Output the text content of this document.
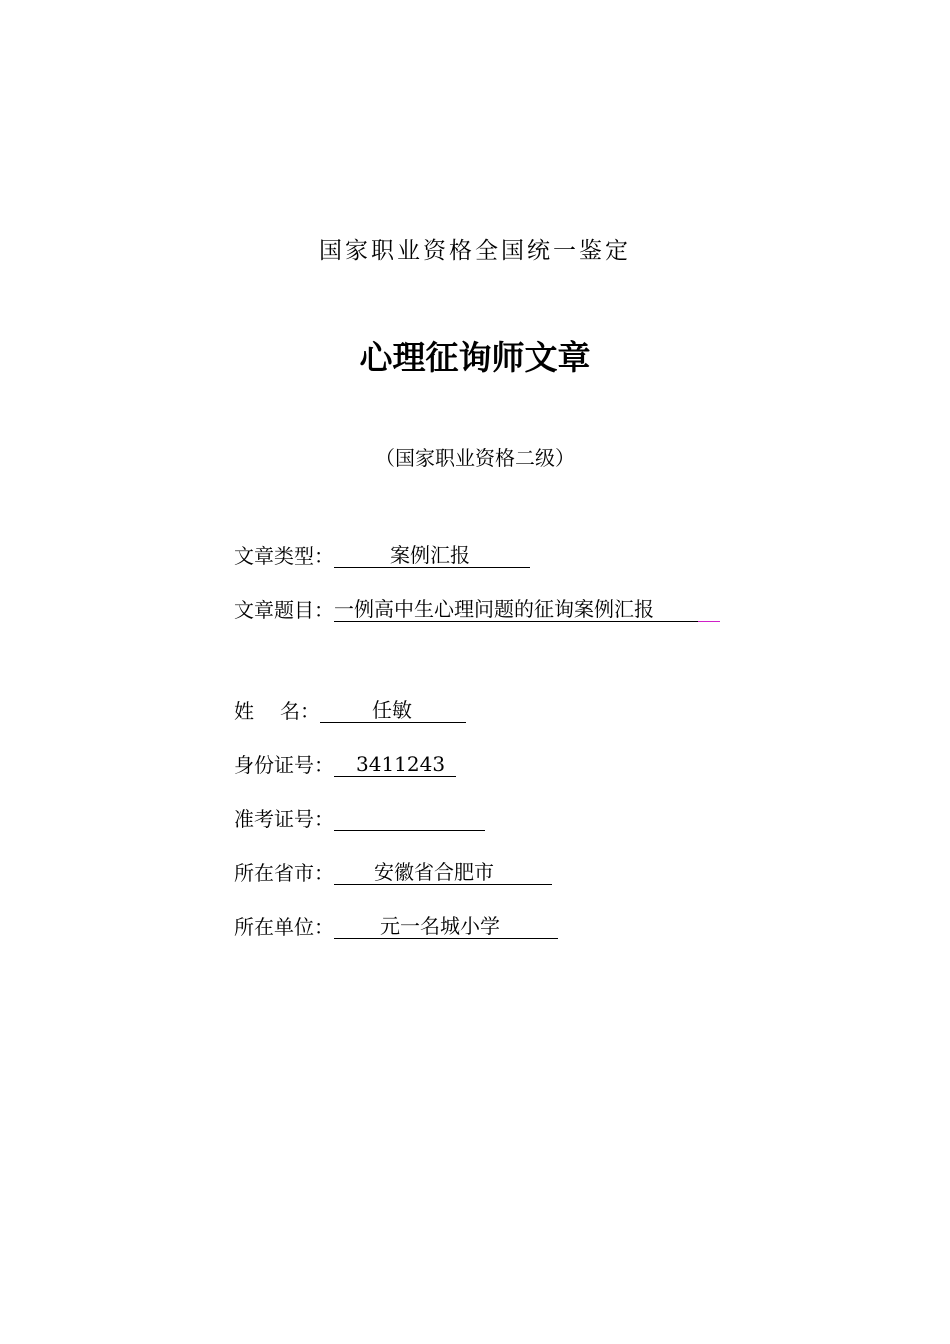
国家职业资格全国统一鉴定
心理征询师文章
（国家职业资格二级）
文章类型：	案例汇报
文章题目：一例高中生心理问题的征询案例汇报
姓 名：	任敏
身份证号： 3411243
准考证号：
所在省市： 安徽省合肥市
所在单位： 元一名城小学
